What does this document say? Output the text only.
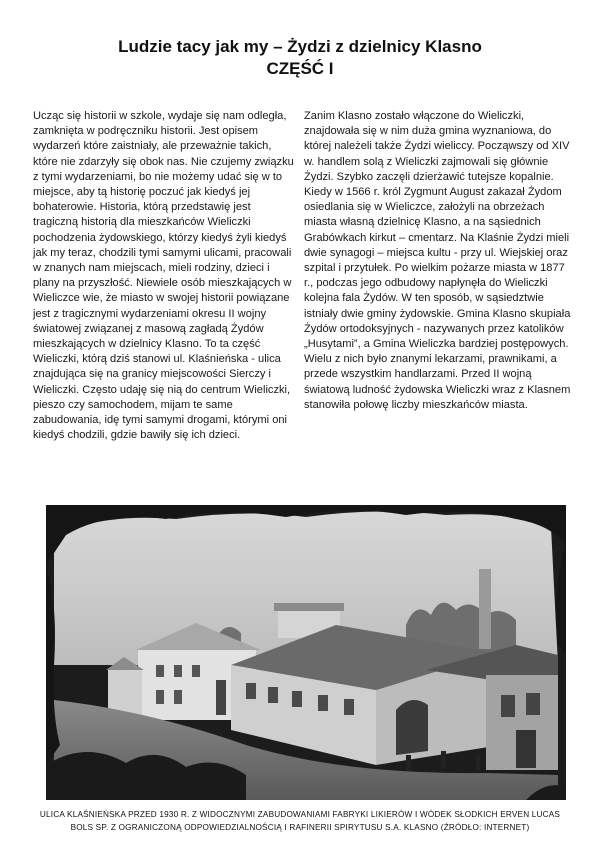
Ludzie tacy jak my – Żydzi z dzielnicy Klasno
CZĘŚĆ I
Ucząc się historii w szkole, wydaje się nam odległa, zamknięta w podręczniku historii. Jest opisem wydarzeń które zaistniały, ale przeważnie takich, które nie zdarzyły się obok nas. Nie czujemy związku z tymi wydarzeniami, bo nie możemy udać się w to miejsce, aby tą historię poczuć jak kiedyś jej bohaterowie. Historia, którą przedstawię jest tragiczną historią dla mieszkańców Wieliczki pochodzenia żydowskiego, którzy kiedyś żyli kiedyś jak my teraz, chodzili tymi samymi ulicami, pracowali w znanych nam miejscach, mieli rodziny, dzieci i plany na przyszłość. Niewiele osób mieszkających w Wieliczce wie, że miasto w swojej historii powiązane jest z tragicznymi wydarzeniami okresu II wojny światowej związanej z masową zagładą Żydów mieszkających w dzielnicy Klasno. To ta część Wieliczki, którą dziś stanowi ul. Klaśnieńska - ulica znajdująca się na granicy miejscowości Sierczy i Wieliczki. Często udaję się nią do centrum Wieliczki, pieszo czy samochodem, mijam te same zabudowania, idę tymi samymi drogami, którymi oni kiedyś chodzili, gdzie bawiły się ich dzieci.
Zanim Klasno zostało włączone do Wieliczki, znajdowała się w nim duża gmina wyznaniowa, do której należeli także Żydzi wieliccy. Począwszy od XIV w. handlem solą z Wieliczki zajmowali się głównie Żydzi. Szybko zaczęli dzierżawić tutejsze kopalnie. Kiedy w 1566 r. król Zygmunt August zakazał Żydom osiedlania się w Wieliczce, założyli na obrzeżach miasta własną dzielnicę Klasno, a na sąsiednich Grabówkach kirkut – cmentarz. Na Klaśnie Żydzi mieli dwie synagogi – miejsca kultu - przy ul. Wiejskiej oraz szpital i przytułek. Po wielkim pożarze miasta w 1877 r., podczas jego odbudowy napłynęła do Wieliczki kolejna fala Żydów. W ten sposób, w sąsiedztwie istniały dwie gminy żydowskie. Gmina Klasno skupiała Żydów ortodoksyjnych - nazywanych przez katolików „Husytami”, a Gmina Wieliczka bardziej postępowych. Wielu z nich było znanymi lekarzami, prawnikami, a przede wszystkim handlarzami. Przed II wojną światową ludność żydowska Wieliczki wraz z Klasnem stanowiła połowę liczby mieszkańców miasta.
ULICA KLAŚNIEŃSKA PRZED 1930 R. Z WIDOCZNYMI ZABUDOWANIAMI FABRYKI LIKIERÓW I WÓDEK SŁODKICH ERVEN LUCAS BOLS SP. Z OGRANICZONĄ ODPOWIEDZIALNOŚCIĄ I RAFINERII SPIRYTUSU S.A. KLASNO (ŹRÓDŁO: INTERNET)
